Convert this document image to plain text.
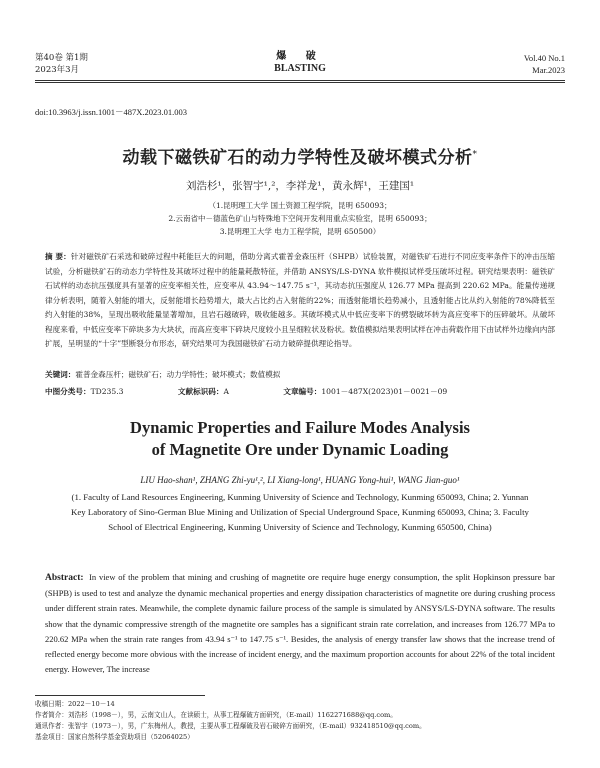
第40卷 第1期
2023年3月
爆 破
BLASTING
Vol.40 No.1
Mar.2023
doi:10.3963/j.issn.1001－487X.2023.01.003
动载下磁铁矿石的动力学特性及破坏模式分析*
刘浩杉¹，张智宇¹,²，李祥龙¹，黄永辉¹，王建国¹
（1.昆明理工大学 国土资源工程学院，昆明 650093；
2.云南省中－德蓝色矿山与特殊地下空间开发利用重点实验室，昆明 650093；
3.昆明理工大学 电力工程学院，昆明 650500）
摘 要：针对磁铁矿石采选和破碎过程中耗能巨大的问题，借助分离式霍普金森压杆（SHPB）试验装置，对磁铁矿石进行不同应变率条件下的冲击压缩试验，分析磁铁矿石的动态力学特性及其破坏过程中的能量耗散特征，并借助 ANSYS/LS-DYNA 软件模拟试样受压破坏过程。研究结果表明：磁铁矿石试样的动态抗压强度具有显著的应变率相关性，应变率从 43.94～147.75 s⁻¹，其动态抗压强度从 126.77 MPa 提高到 220.62 MPa。能量传递规律分析表明，随着入射能的增大，反射能增长趋势增大，最大占比约占入射能的22%；而透射能增长趋势减小，且透射能占比从约入射能的78%降低至约入射能的38%，呈现出吸收能量显著增加，且岩石越破碎，吸收能越多。其破坏模式从中低应变率下的劈裂破坏转为高应变率下的压碎破坏。从破坏程度来看，中低应变率下碎块多为大块状，而高应变率下碎块尺度较小且呈细粒状及粉状。数值模拟结果表明试样在冲击荷载作用下由试样外边缘向内部扩展，呈明显的“十字”型断裂分布形态，研究结果可为我国磁铁矿石动力破碎提供理论指导。
关键词：霍普金森压杆；磁铁矿石；动力学特性；破坏模式；数值模拟
中图分类号：TD235.3	文献标识码：A	文章编号：1001－487X(2023)01－0021－09
Dynamic Properties and Failure Modes Analysis
of Magnetite Ore under Dynamic Loading
LIU Hao-shan¹, ZHANG Zhi-yu¹,², LI Xiang-long¹, HUANG Yong-hui¹, WANG Jian-guo¹
(1. Faculty of Land Resources Engineering, Kunming University of Science and Technology, Kunming 650093, China; 2. Yunnan Key Laboratory of Sino-German Blue Mining and Utilization of Special Underground Space, Kunming 650093, China; 3. Faculty School of Electrical Engineering, Kunming University of Science and Technology, Kunming 650500, China)
Abstract: In view of the problem that mining and crushing of magnetite ore require huge energy consumption, the split Hopkinson pressure bar (SHPB) is used to test and analyze the dynamic mechanical properties and energy dissipation characteristics of magnetite ore during crushing process under different strain rates. Meanwhile, the complete dynamic failure process of the sample is simulated by ANSYS/LS-DYNA software. The results show that the dynamic compressive strength of the magnetite ore samples has a significant strain rate correlation, and increases from 126.77 MPa to 220.62 MPa when the strain rate ranges from 43.94 s⁻¹ to 147.75 s⁻¹. Besides, the analysis of energy transfer law shows that the increase trend of reflected energy become more obvious with the increase of incident energy, and the maximum proportion accounts for about 22% of the total incident energy. However, The increase
收稿日期：2022－10－14
作者简介：刘浩杉（1998－），男，云南文山人，在读硕士，从事工程爆破方面研究，（E-mail）1162271688@qq.com。
通讯作者：张智宇（1973－），男，广东梅州人，教授，主要从事工程爆破及岩石破碎方面研究，（E-mail）932418510@qq.com。
基金项目：国家自然科学基金资助项目（52064025）
